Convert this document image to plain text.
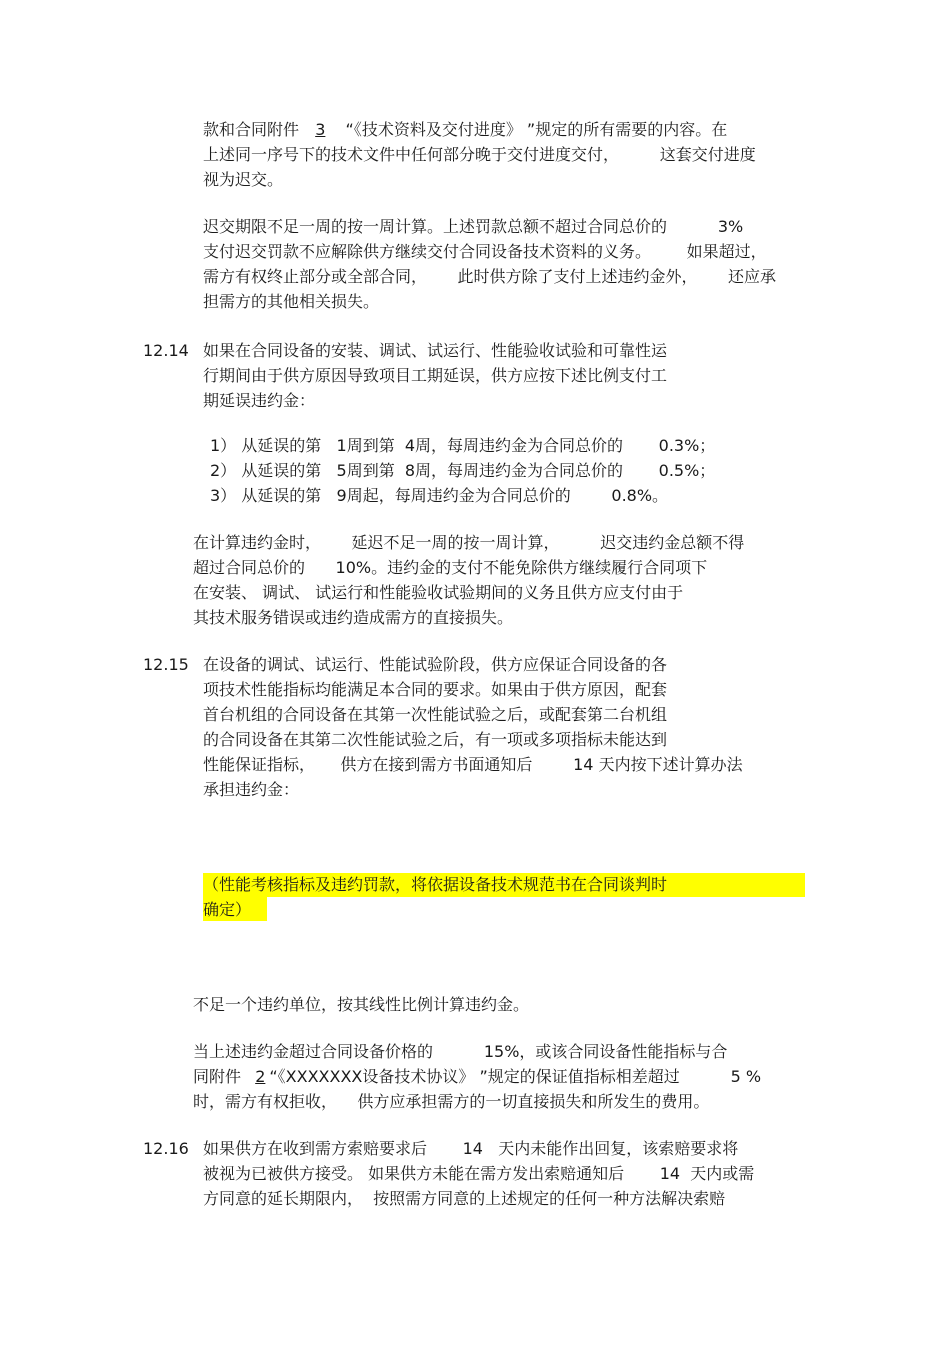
款和合同附件 3 “《技术资料及交付进度》 ”规定的所有需要的内容。在
上述同一序号下的技术文件中任何部分晚于交付进度交付，        这套交付进度
视为迟交。
迟交期限不足一周的按一周计算。上述罚款总额不超过合同总价的          3%
支付迟交罚款不应解除供方继续交付合同设备技术资料的义务。       如果超过，
需方有权终止部分或全部合同，      此时供方除了支付上述违约金外，      还应承
担需方的其他相关损失。
12.14 如果在合同设备的安装、调试、试运行、性能验收试验和可靠性运
行期间由于供方原因导致项目工期延误，供方应按下述比例支付工
期延误违约金：
1） 从延误的第   1周到第  4周，每周违约金为合同总价的       0.3%；
2） 从延误的第   5周到第  8周，每周违约金为合同总价的       0.5%；
3） 从延误的第   9周起，每周违约金为合同总价的        0.8%。
在计算违约金时，      延迟不足一周的按一周计算，        迟交违约金总额不得
超过合同总价的      10%。违约金的支付不能免除供方继续履行合同项下
在安装、 调试、 试运行和性能验收试验期间的义务且供方应支付由于
其技术服务错误或违约造成需方的直接损失。
12.15 在设备的调试、试运行、性能试验阶段，供方应保证合同设备的各
项技术性能指标均能满足本合同的要求。如果由于供方原因，配套
首台机组的合同设备在其第一次性能试验之后，或配套第二台机组
的合同设备在其第二次性能试验之后，有一项或多项指标未能达到
性能保证指标，     供方在接到需方书面通知后        14 天内按下述计算办法
承担违约金：
（性能考核指标及违约罚款，将依据设备技术规范书在合同谈判时
确定）
不足一个违约单位，按其线性比例计算违约金。
当上述违约金超过合同设备价格的          15%，或该合同设备性能指标与合
同附件 2 “《XXXXXXX设备技术协议》 ”规定的保证值指标相差超过          5 %
时，需方有权拒收，    供方应承担需方的一切直接损失和所发生的费用。
12.16 如果供方在收到需方索赔要求后       14   天内未能作出回复，该索赔要求将
被视为已被供方接受。 如果供方未能在需方发出索赔通知后       14  天内或需
方同意的延长期限内，  按照需方同意的上述规定的任何一种方法解决索赔
